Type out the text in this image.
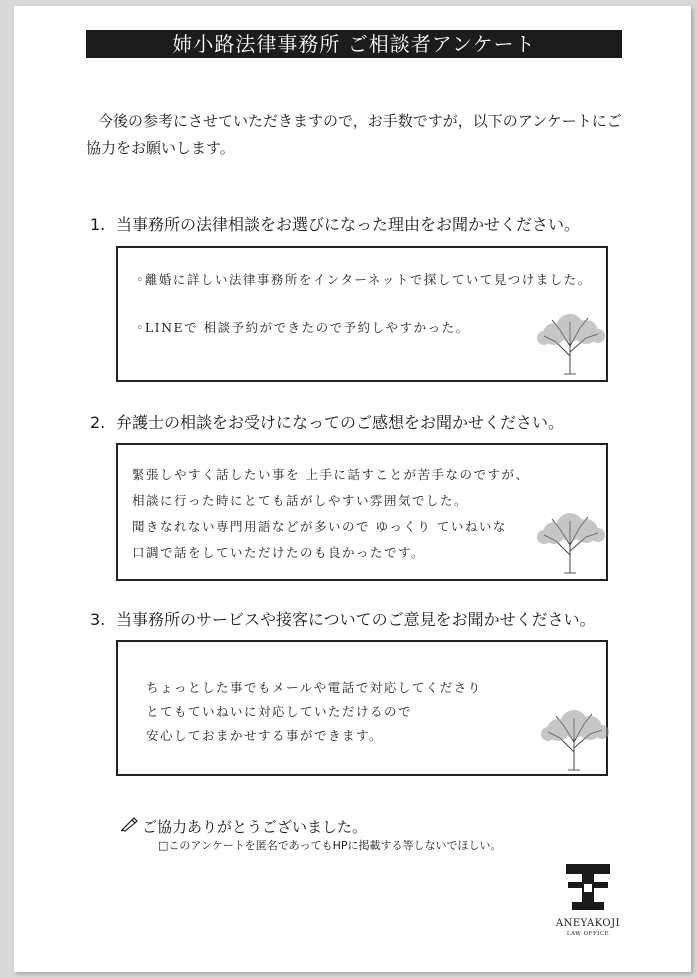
姉小路法律事務所 ご相談者アンケート
今後の参考にさせていただきますので，お手数ですが，以下のアンケートにご協力をお願いします。
1. 当事務所の法律相談をお選びになった理由をお聞かせください。
◦離婚に詳しい法律事務所をインターネットで探していて見つけました。
◦LINEで 相談予約ができたので予約しやすかった。
2. 弁護士の相談をお受けになってのご感想をお聞かせください。
緊張しやすく話したい事を 上手に話すことが苦手なのですが、
相談に行った時にとても話がしやすい雰囲気でした。
聞きなれない専門用語などが多いので ゆっくり ていねいな
口調で話をしていただけたのも良かったです。
3. 当事務所のサービスや接客についてのご意見をお聞かせください。
ちょっとした事でもメールや電話で対応してくださり
とてもていねいに対応していただけるので
安心しておまかせする事ができます。
ご協力ありがとうございました。
□このアンケートを匿名であってもHPに掲載する等しないでほしい。
ANEYAKOJI
LAW OFFICE
